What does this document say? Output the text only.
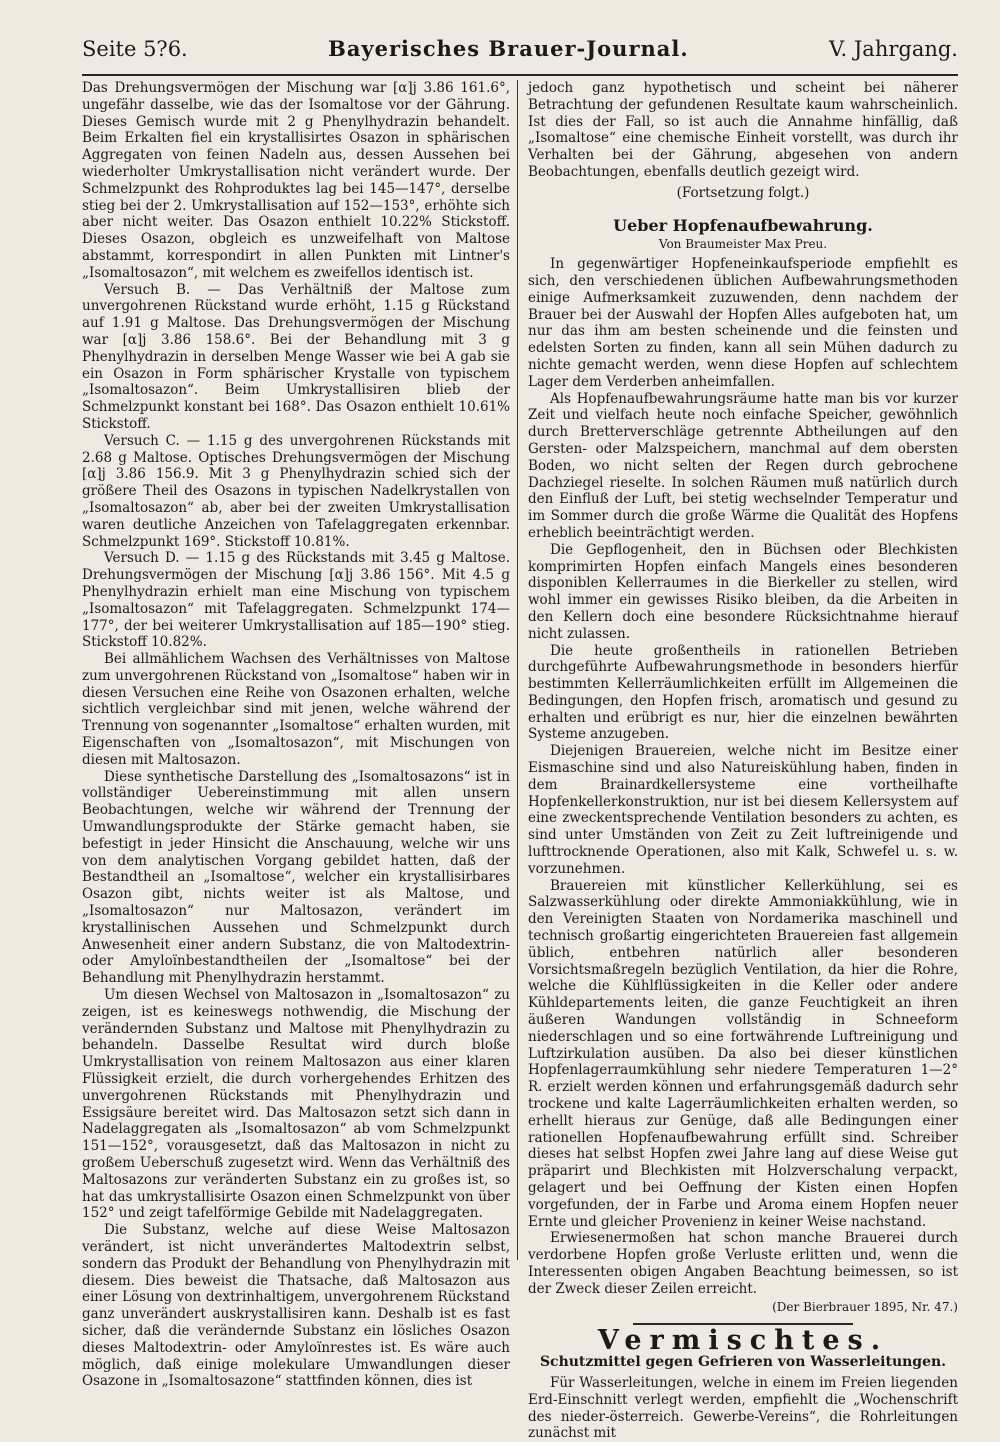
Seite 5?6.	Bayerisches Brauer-Journal.	V. Jahrgang.

Das Drehungsvermögen der Mischung war [α]j 3.86 161.6°, ungefähr dasselbe, wie das der Isomaltose vor der Gährung. Dieses Gemisch wurde mit 2 g Phenylhydrazin behandelt. Beim Erkalten fiel ein krystallisirtes Osazon in sphärischen Aggregaten von feinen Nadeln aus, dessen Aussehen bei wiederholter Umkrystallisation nicht verändert wurde. Der Schmelzpunkt des Rohproduktes lag bei 145—147°, derselbe stieg bei der 2. Umkrystallisation auf 152—153°, erhöhte sich aber nicht weiter. Das Osazon enthielt 10.22% Stickstoff. Dieses Osazon, obgleich es unzweifelhaft von Maltose abstammt, korrespondirt in allen Punkten mit Lintner's „Isomaltosazon“, mit welchem es zweifellos identisch ist.

Versuch B. — Das Verhältniß der Maltose zum unvergohrenen Rückstand wurde erhöht, 1.15 g Rückstand auf 1.91 g Maltose. Das Drehungsvermögen der Mischung war [α]j 3.86 158.6°. Bei der Behandlung mit 3 g Phenylhydrazin in derselben Menge Wasser wie bei A gab sie ein Osazon in Form sphärischer Krystalle von typischem „Isomaltosazon“. Beim Umkrystallisiren blieb der Schmelzpunkt konstant bei 168°. Das Osazon enthielt 10.61% Stickstoff.

Versuch C. — 1.15 g des unvergohrenen Rückstands mit 2.68 g Maltose. Optisches Drehungsvermögen der Mischung [α]j 3.86 156.9. Mit 3 g Phenylhydrazin schied sich der größere Theil des Osazons in typischen Nadelkrystallen von „Isomaltosazon“ ab, aber bei der zweiten Umkrystallisation waren deutliche Anzeichen von Tafelaggregaten erkennbar. Schmelzpunkt 169°. Stickstoff 10.81%.

Versuch D. — 1.15 g des Rückstands mit 3.45 g Maltose. Drehungsvermögen der Mischung [α]j 3.86 156°. Mit 4.5 g Phenylhydrazin erhielt man eine Mischung von typischem „Isomaltosazon“ mit Tafelaggregaten. Schmelzpunkt 174—177°, der bei weiterer Umkrystallisation auf 185—190° stieg. Stickstoff 10.82%.

Bei allmählichem Wachsen des Verhältnisses von Maltose zum unvergohrenen Rückstand von „Isomaltose“ haben wir in diesen Versuchen eine Reihe von Osazonen erhalten, welche sichtlich vergleichbar sind mit jenen, welche während der Trennung von sogenannter „Isomaltose“ erhalten wurden, mit Eigenschaften von „Isomaltosazon“, mit Mischungen von diesen mit Maltosazon.

Diese synthetische Darstellung des „Isomaltosazons“ ist in vollständiger Uebereinstimmung mit allen unsern Beobachtungen, welche wir während der Trennung der Umwandlungsprodukte der Stärke gemacht haben, sie befestigt in jeder Hinsicht die Anschauung, welche wir uns von dem analytischen Vorgang gebildet hatten, daß der Bestandtheil an „Isomaltose“, welcher ein krystallisirbares Osazon gibt, nichts weiter ist als Maltose, und „Isomaltosazon“ nur Maltosazon, verändert im krystallinischen Aussehen und Schmelzpunkt durch Anwesenheit einer andern Substanz, die von Maltodextrin- oder Amyloïnbestandtheilen der „Isomaltose“ bei der Behandlung mit Phenylhydrazin herstammt.

Um diesen Wechsel von Maltosazon in „Isomaltosazon“ zu zeigen, ist es keineswegs nothwendig, die Mischung der verändernden Substanz und Maltose mit Phenylhydrazin zu behandeln. Dasselbe Resultat wird durch bloße Umkrystallisation von reinem Maltosazon aus einer klaren Flüssigkeit erzielt, die durch vorhergehendes Erhitzen des unvergohrenen Rückstands mit Phenylhydrazin und Essigsäure bereitet wird. Das Maltosazon setzt sich dann in Nadelaggregaten als „Isomaltosazon“ ab vom Schmelzpunkt 151—152°, vorausgesetzt, daß das Maltosazon in nicht zu großem Ueberschuß zugesetzt wird. Wenn das Verhältniß des Maltosazons zur veränderten Substanz ein zu großes ist, so hat das umkrystallisirte Osazon einen Schmelzpunkt von über 152° und zeigt tafelförmige Gebilde mit Nadelaggregaten.

Die Substanz, welche auf diese Weise Maltosazon verändert, ist nicht unverändertes Maltodextrin selbst, sondern das Produkt der Behandlung von Phenylhydrazin mit diesem. Dies beweist die Thatsache, daß Maltosazon aus einer Lösung von dextrinhaltigem, unvergohrenem Rückstand ganz unverändert auskrystallisiren kann. Deshalb ist es fast sicher, daß die verändernde Substanz ein lösliches Osazon dieses Maltodextrin- oder Amyloïnrestes ist. Es wäre auch möglich, daß einige molekulare Umwandlungen dieser Osazone in „Isomaltosazone“ stattfinden können, dies ist

jedoch ganz hypothetisch und scheint bei näherer Betrachtung der gefundenen Resultate kaum wahrscheinlich. Ist dies der Fall, so ist auch die Annahme hinfällig, daß „Isomaltose“ eine chemische Einheit vorstellt, was durch ihr Verhalten bei der Gährung, abgesehen von andern Beobachtungen, ebenfalls deutlich gezeigt wird.

(Fortsetzung folgt.)
Ueber Hopfenaufbewahrung.
Von Braumeister Max Preu.

In gegenwärtiger Hopfeneinkaufsperiode empfiehlt es sich, den verschiedenen üblichen Aufbewahrungsmethoden einige Aufmerksamkeit zuzuwenden, denn nachdem der Brauer bei der Auswahl der Hopfen Alles aufgeboten hat, um nur das ihm am besten scheinende und die feinsten und edelsten Sorten zu finden, kann all sein Mühen dadurch zu nichte gemacht werden, wenn diese Hopfen auf schlechtem Lager dem Verderben anheimfallen.

Als Hopfenaufbewahrungsräume hatte man bis vor kurzer Zeit und vielfach heute noch einfache Speicher, gewöhnlich durch Bretterverschläge getrennte Abtheilungen auf den Gersten- oder Malzspeichern, manchmal auf dem obersten Boden, wo nicht selten der Regen durch gebrochene Dachziegel rieselte. In solchen Räumen muß natürlich durch den Einfluß der Luft, bei stetig wechselnder Temperatur und im Sommer durch die große Wärme die Qualität des Hopfens erheblich beeinträchtigt werden.

Die Gepflogenheit, den in Büchsen oder Blechkisten komprimirten Hopfen einfach Mangels eines besonderen disponiblen Kellerraumes in die Bierkeller zu stellen, wird wohl immer ein gewisses Risiko bleiben, da die Arbeiten in den Kellern doch eine besondere Rücksichtnahme hierauf nicht zulassen.

Die heute großentheils in rationellen Betrieben durchgeführte Aufbewahrungsmethode in besonders hierfür bestimmten Kellerräumlichkeiten erfüllt im Allgemeinen die Bedingungen, den Hopfen frisch, aromatisch und gesund zu erhalten und erübrigt es nur, hier die einzelnen bewährten Systeme anzugeben.

Diejenigen Brauereien, welche nicht im Besitze einer Eismaschine sind und also Natureiskühlung haben, finden in dem Brainardkellersysteme eine vortheilhafte Hopfenkellerkonstruktion, nur ist bei diesem Kellersystem auf eine zweckentsprechende Ventilation besonders zu achten, es sind unter Umständen von Zeit zu Zeit luftreinigende und lufttrocknende Operationen, also mit Kalk, Schwefel u. s. w. vorzunehmen.

Brauereien mit künstlicher Kellerkühlung, sei es Salzwasserkühlung oder direkte Ammoniakkühlung, wie in den Vereinigten Staaten von Nordamerika maschinell und technisch großartig eingerichteten Brauereien fast allgemein üblich, entbehren natürlich aller besonderen Vorsichtsmaßregeln bezüglich Ventilation, da hier die Rohre, welche die Kühlflüssigkeiten in die Keller oder andere Kühldepartements leiten, die ganze Feuchtigkeit an ihren äußeren Wandungen vollständig in Schneeform niederschlagen und so eine fortwährende Luftreinigung und Luftzirkulation ausüben. Da also bei dieser künstlichen Hopfenlagerraumkühlung sehr niedere Temperaturen 1—2° R. erzielt werden können und erfahrungsgemäß dadurch sehr trockene und kalte Lagerräumlichkeiten erhalten werden, so erhellt hieraus zur Genüge, daß alle Bedingungen einer rationellen Hopfenaufbewahrung erfüllt sind. Schreiber dieses hat selbst Hopfen zwei Jahre lang auf diese Weise gut präparirt und Blechkisten mit Holzverschalung verpackt, gelagert und bei Oeffnung der Kisten einen Hopfen vorgefunden, der in Farbe und Aroma einem Hopfen neuer Ernte und gleicher Provenienz in keiner Weise nachstand.

Erwiesenermoßen hat schon manche Brauerei durch verdorbene Hopfen große Verluste erlitten und, wenn die Interessenten obigen Angaben Beachtung beimessen, so ist der Zweck dieser Zeilen erreicht.

(Der Bierbrauer 1895, Nr. 47.)
Vermischtes.
Schutzmittel gegen Gefrieren von Wasserleitungen.

Für Wasserleitungen, welche in einem im Freien liegenden Erd-Einschnitt verlegt werden, empfiehlt die „Wochenschrift des nieder-österreich. Gewerbe-Vereins“, die Rohrleitungen zunächst mit
